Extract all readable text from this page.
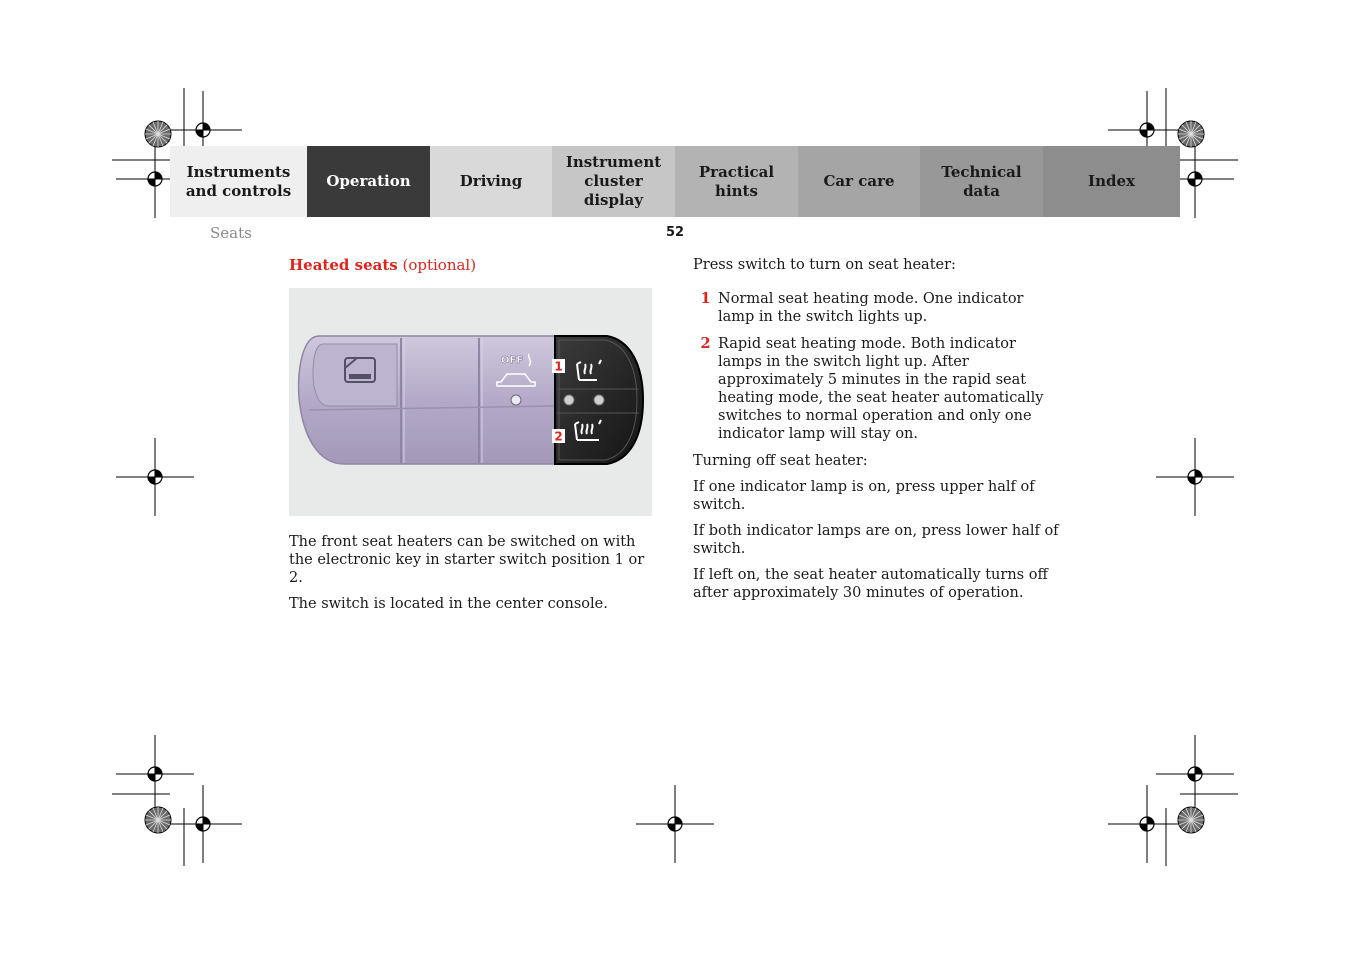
Instruments
and controls
Operation	Driving
Instrument
cluster display
Practical hints
Car care
Technical
data
Index
Seats	52
Heated seats (optional)
OFF	1
2

The front seat heaters can be switched on with the electronic key in starter switch position 1 or 2.

The switch is located in the center console.

Press switch to turn on seat heater:

1 Normal seat heating mode. One indicator lamp in the switch lights up.
2 Rapid seat heating mode. Both indicator lamps in the switch light up. After approximately 5 minutes in the rapid seat heating mode, the seat heater automatically switches to normal operation and only one indicator lamp will stay on.

Turning off seat heater:

If one indicator lamp is on, press upper half of switch.

If both indicator lamps are on, press lower half of switch.

If left on, the seat heater automatically turns off after approximately 30 minutes of operation.
